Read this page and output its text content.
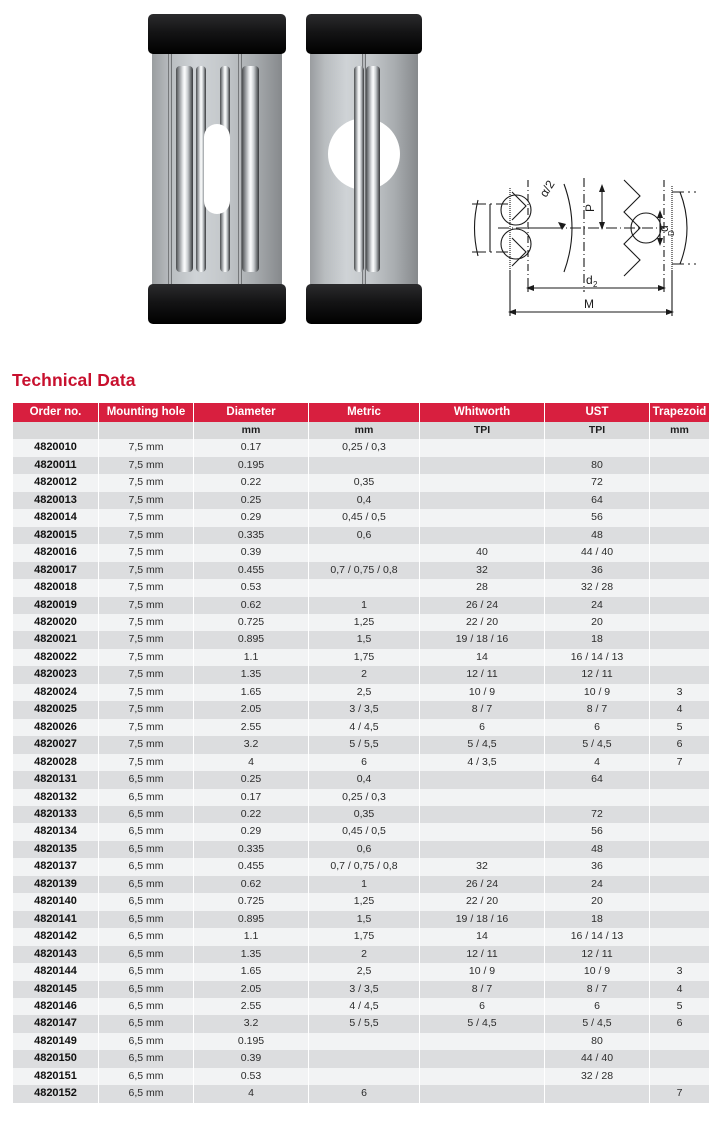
α/2
P
d
D
d 2
M
Technical Data
Order no.	Mounting hole	Diameter	Metric	Whitworth	UST	Trapezoid
		mm	mm	TPI	TPI	mm
4820010	7,5 mm	0.17	0,25 / 0,3			
4820011	7,5 mm	0.195			80	
4820012	7,5 mm	0.22	0,35		72	
4820013	7,5 mm	0.25	0,4		64	
4820014	7,5 mm	0.29	0,45 / 0,5		56	
4820015	7,5 mm	0.335	0,6		48	
4820016	7,5 mm	0.39		40	44 / 40	
4820017	7,5 mm	0.455	0,7 / 0,75 / 0,8	32	36	
4820018	7,5 mm	0.53		28	32 / 28	
4820019	7,5 mm	0.62	1	26 / 24	24	
4820020	7,5 mm	0.725	1,25	22 / 20	20	
4820021	7,5 mm	0.895	1,5	19 / 18 / 16	18	
4820022	7,5 mm	1.1	1,75	14	16 / 14 / 13	
4820023	7,5 mm	1.35	2	12 / 11	12 / 11	
4820024	7,5 mm	1.65	2,5	10 / 9	10 / 9	3
4820025	7,5 mm	2.05	3 / 3,5	8 / 7	8 / 7	4
4820026	7,5 mm	2.55	4 / 4,5	6	6	5
4820027	7,5 mm	3.2	5 / 5,5	5 / 4,5	5 / 4,5	6
4820028	7,5 mm	4	6	4 / 3,5	4	7
4820131	6,5 mm	0.25	0,4		64	
4820132	6,5 mm	0.17	0,25 / 0,3			
4820133	6,5 mm	0.22	0,35		72	
4820134	6,5 mm	0.29	0,45 / 0,5		56	
4820135	6,5 mm	0.335	0,6		48	
4820137	6,5 mm	0.455	0,7 / 0,75 / 0,8	32	36	
4820139	6,5 mm	0.62	1	26 / 24	24	
4820140	6,5 mm	0.725	1,25	22 / 20	20	
4820141	6,5 mm	0.895	1,5	19 / 18 / 16	18	
4820142	6,5 mm	1.1	1,75	14	16 / 14 / 13	
4820143	6,5 mm	1.35	2	12 / 11	12 / 11	
4820144	6,5 mm	1.65	2,5	10 / 9	10 / 9	3
4820145	6,5 mm	2.05	3 / 3,5	8 / 7	8 / 7	4
4820146	6,5 mm	2.55	4 / 4,5	6	6	5
4820147	6,5 mm	3.2	5 / 5,5	5 / 4,5	5 / 4,5	6
4820149	6,5 mm	0.195			80	
4820150	6,5 mm	0.39			44 / 40	
4820151	6,5 mm	0.53			32 / 28	
4820152	6,5 mm	4	6			7
